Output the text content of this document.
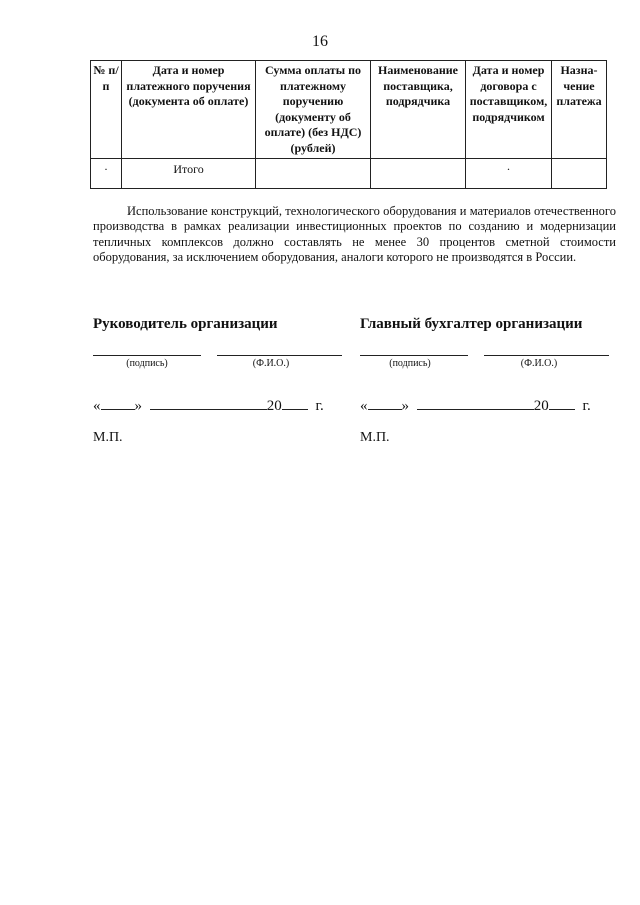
16
№ п/п	Дата и номер платежного поручения (документа об оплате)	Сумма оплаты по платежному поручению (документу об оплате) (без НДС) (рублей)	Наименование поставщика, подрядчика	Дата и номер договора с поставщиком, подрядчиком	Назна-чение платежа
·	Итого			·	
Использование конструкций, технологического оборудования и материалов отечественного производства в рамках реализации инвестиционных проектов по созданию и модернизации тепличных комплексов должно составлять не менее 30 процентов сметной стоимости оборудования, за исключением оборудования, аналоги которого не производятся в России.
Руководитель организации
(подпись)	(Ф.И.О.)
« »	20 г.
М.П.
Главный бухгалтер организации
(подпись)	(Ф.И.О.)
« »	20 г.
М.П.
